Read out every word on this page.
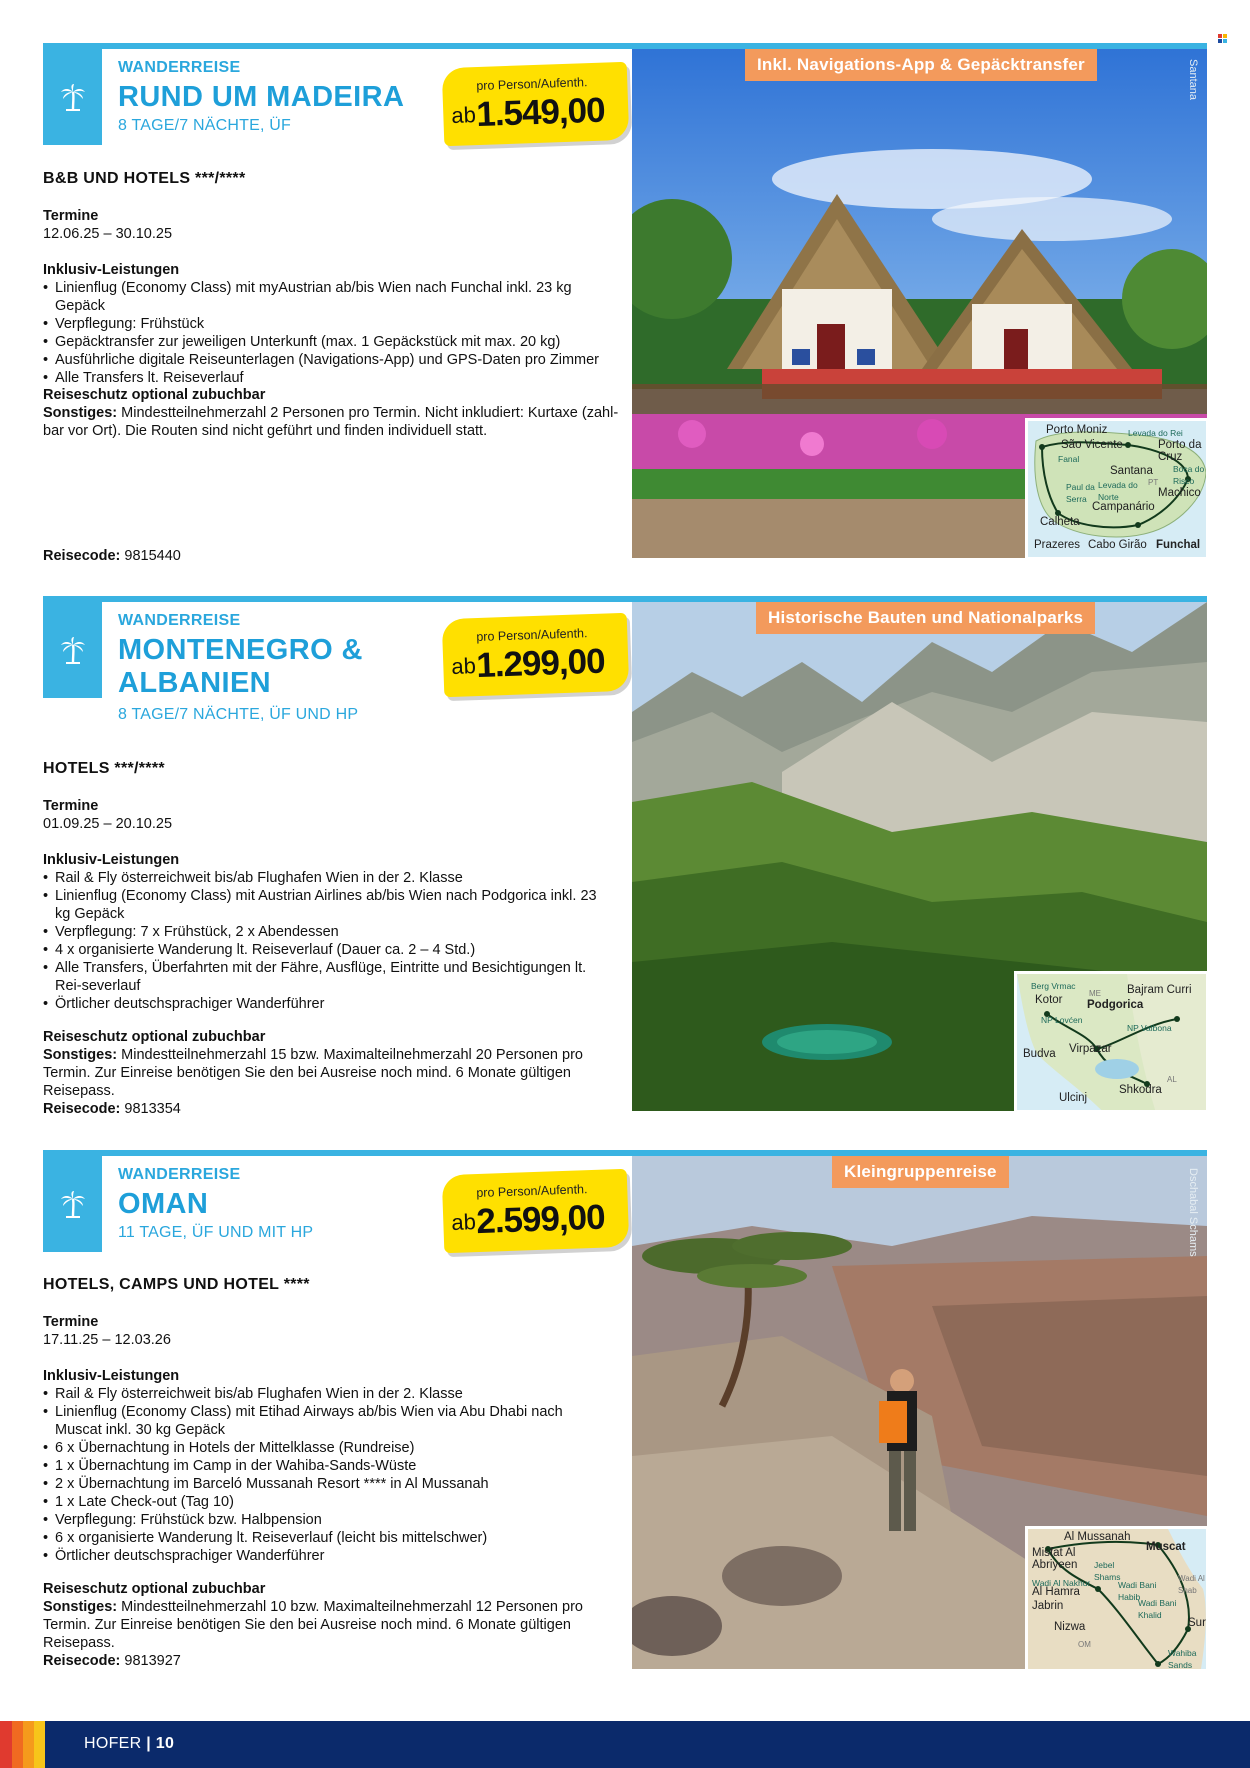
WANDERREISE
RUND UM MADEIRA
8 TAGE/7 NÄCHTE, ÜF
pro Person/Aufenth.
ab 1.549,00
B&B UND HOTELS ***/****
Termine
12.06.25 – 30.10.25
Inklusiv-Leistungen
• Linienflug (Economy Class) mit myAustrian ab/bis Wien nach Funchal inkl. 23 kg Gepäck
• Verpflegung: Frühstück
• Gepäcktransfer zur jeweiligen Unterkunft (max. 1 Gepäckstück mit max. 20 kg)
• Ausführliche digitale Reiseunterlagen (Navigations-App) und GPS-Daten pro Zimmer
• Alle Transfers lt. Reiseverlauf
Reiseschutz optional zubuchbar
Sonstiges: Mindestteilnehmerzahl 2 Personen pro Termin. Nicht inkludiert: Kurtaxe (zahl-bar vor Ort). Die Routen sind nicht geführt und finden individuell statt.
Reisecode: 9815440
Inkl. Navigations-App & Gepäcktransfer	Santana
Porto Moniz Levada do Rei
São Vicente	Porto da Cruz
Fanal
Santana Boca do Risco
Levada do Norte
Paul da Serra	Machico
Campanário
PT
Calheta
Prazeres Cabo Girão Funchal
WANDERREISE
MONTENEGRO & ALBANIEN
8 TAGE/7 NÄCHTE, ÜF UND HP
pro Person/Aufenth.
ab 1.299,00
HOTELS ***/****
Termine
01.09.25 – 20.10.25
Inklusiv-Leistungen
• Rail & Fly österreichweit bis/ab Flughafen Wien in der 2. Klasse
• Linienflug (Economy Class) mit Austrian Airlines ab/bis Wien nach Podgorica inkl. 23 kg Gepäck
• Verpflegung: 7 x Frühstück, 2 x Abendessen
• 4 x organisierte Wanderung lt. Reiseverlauf (Dauer ca. 2 – 4 Std.)
• Alle Transfers, Überfahrten mit der Fähre, Ausflüge, Eintritte und Besichtigungen lt. Rei-severlauf
• Örtlicher deutschsprachiger Wanderführer
Reiseschutz optional zubuchbar
Sonstiges: Mindestteilnehmerzahl 15 bzw. Maximalteilnehmerzahl 20 Personen pro Termin. Zur Einreise benötigen Sie den bei Ausreise noch mind. 6 Monate gültigen Reisepass.
Reisecode: 9813354
Historische Bauten und Nationalparks
Berg Vrmac
Kotor
ME
Podgorica
Bajram Curri
NP Lovćen
NP Valbona
Budva Virpazar
AL
Ulcinj
Shkodra
WANDERREISE
OMAN
11 TAGE, ÜF UND MIT HP
pro Person/Aufenth.
ab 2.599,00
HOTELS, CAMPS UND HOTEL ****
Termine
17.11.25 – 12.03.26
Inklusiv-Leistungen
• Rail & Fly österreichweit bis/ab Flughafen Wien in der 2. Klasse
• Linienflug (Economy Class) mit Etihad Airways ab/bis Wien via Abu Dhabi nach Muscat inkl. 30 kg Gepäck
• 6 x Übernachtung in Hotels der Mittelklasse (Rundreise)
• 1 x Übernachtung im Camp in der Wahiba-Sands-Wüste
• 2 x Übernachtung im Barceló Mussanah Resort **** in Al Mussanah
• 1 x Late Check-out (Tag 10)
• Verpflegung: Frühstück bzw. Halbpension
• 6 x organisierte Wanderung lt. Reiseverlauf (leicht bis mittelschwer)
• Örtlicher deutschsprachiger Wanderführer
Reiseschutz optional zubuchbar
Sonstiges: Mindestteilnehmerzahl 10 bzw. Maximalteilnehmerzahl 12 Personen pro Termin. Zur Einreise benötigen Sie den bei Ausreise noch mind. 6 Monate gültigen Reisepass.
Reisecode: 9813927
Kleingruppenreise	Dschabal Schams
Al Mussanah
Muscat
Misfat Al Abriyeen	Jebel Shams
Wadi Al Nakhur	Wadi Bani Habib
Wadi Al Shab
Al Hamra
Jabrin
Nizwa
Wadi Bani Khalid
Sur
OM
Wahiba Sands
HOFER | 10
